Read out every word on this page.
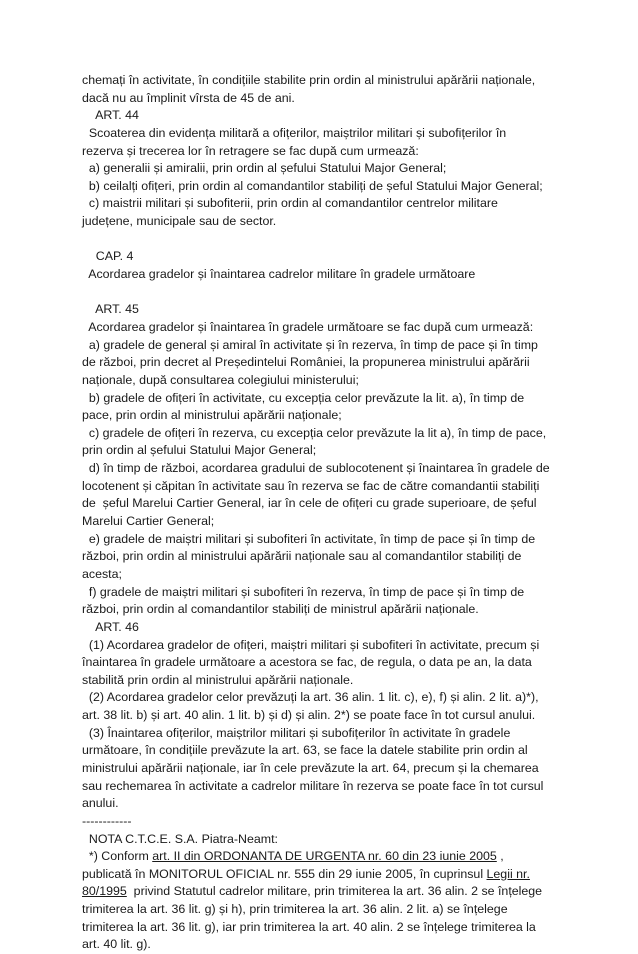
chemați în activitate, în condițiile stabilite prin ordin al ministrului apărării naționale,
dacă nu au împlinit vîrsta de 45 de ani.
ART. 44
Scoaterea din evidența militară a ofițerilor, maiștrilor militari și subofițerilor în
rezerva și trecerea lor în retragere se fac după cum urmează:
a) generalii și amiralii, prin ordin al șefului Statului Major General;
b) ceilalți ofițeri, prin ordin al comandantilor stabiliți de șeful Statului Major General;
c) maistrii militari și subofiterii, prin ordin al comandantilor centrelor militare
județene, municipale sau de sector.
CAP. 4
Acordarea gradelor și înaintarea cadrelor militare în gradele următoare
ART. 45
Acordarea gradelor și înaintarea în gradele următoare se fac după cum urmează:
a) gradele de general și amiral în activitate și în rezerva, în timp de pace și în timp
de război, prin decret al Președintelui României, la propunerea ministrului apărării
naționale, după consultarea colegiului ministerului;
b) gradele de ofițeri în activitate, cu excepția celor prevăzute la lit. a), în timp de
pace, prin ordin al ministrului apărării naționale;
c) gradele de ofițeri în rezerva, cu excepția celor prevăzute la lit a), în timp de pace,
prin ordin al șefului Statului Major General;
d) în timp de război, acordarea gradului de sublocotenent și înaintarea în gradele de
locotenent și căpitan în activitate sau în rezerva se fac de către comandantii stabiliți
de  șeful Marelui Cartier General, iar în cele de ofițeri cu grade superioare, de șeful
Marelui Cartier General;
e) gradele de maiștri militari și subofiteri în activitate, în timp de pace și în timp de
război, prin ordin al ministrului apărării naționale sau al comandantilor stabiliți de
acesta;
f) gradele de maiștri militari și subofiteri în rezerva, în timp de pace și în timp de
război, prin ordin al comandantilor stabiliți de ministrul apărării naționale.
ART. 46
(1) Acordarea gradelor de ofițeri, maiștri militari și subofiteri în activitate, precum și
înaintarea în gradele următoare a acestora se fac, de regula, o data pe an, la data
stabilită prin ordin al ministrului apărării naționale.
(2) Acordarea gradelor celor prevăzuți la art. 36 alin. 1 lit. c), e), f) și alin. 2 lit. a)*),
art. 38 lit. b) și art. 40 alin. 1 lit. b) și d) și alin. 2*) se poate face în tot cursul anului.
(3) Înaintarea ofițerilor, maiștrilor militari și subofițerilor în activitate în gradele
următoare, în condițiile prevăzute la art. 63, se face la datele stabilite prin ordin al
ministrului apărării naționale, iar în cele prevăzute la art. 64, precum și la chemarea
sau rechemarea în activitate a cadrelor militare în rezerva se poate face în tot cursul
anului.
------------
NOTA C.T.C.E. S.A. Piatra-Neamt:
*) Conform art. II din ORDONANTA DE URGENTA nr. 60 din 23 iunie 2005 ,
publicată în MONITORUL OFICIAL nr. 555 din 29 iunie 2005, în cuprinsul Legii nr.
80/1995  privind Statutul cadrelor militare, prin trimiterea la art. 36 alin. 2 se înțelege
trimiterea la art. 36 lit. g) și h), prin trimiterea la art. 36 alin. 2 lit. a) se înțelege
trimiterea la art. 36 lit. g), iar prin trimiterea la art. 40 alin. 2 se înțelege trimiterea la
art. 40 lit. g).
